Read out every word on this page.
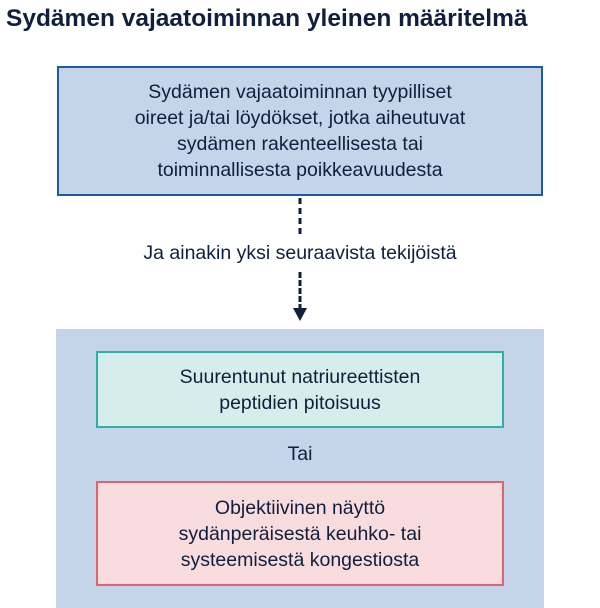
Sydämen vajaatoiminnan yleinen määritelmä
Sydämen vajaatoiminnan tyypilliset
oireet ja/tai löydökset, jotka aiheutuvat
sydämen rakenteellisesta tai
toiminnallisesta poikkeavuudesta
Ja ainakin yksi seuraavista tekijöistä
Suurentunut natriureettisten
peptidien pitoisuus
Tai
Objektiivinen näyttö
sydänperäisestä keuhko- tai
systeemisestä kongestiosta
